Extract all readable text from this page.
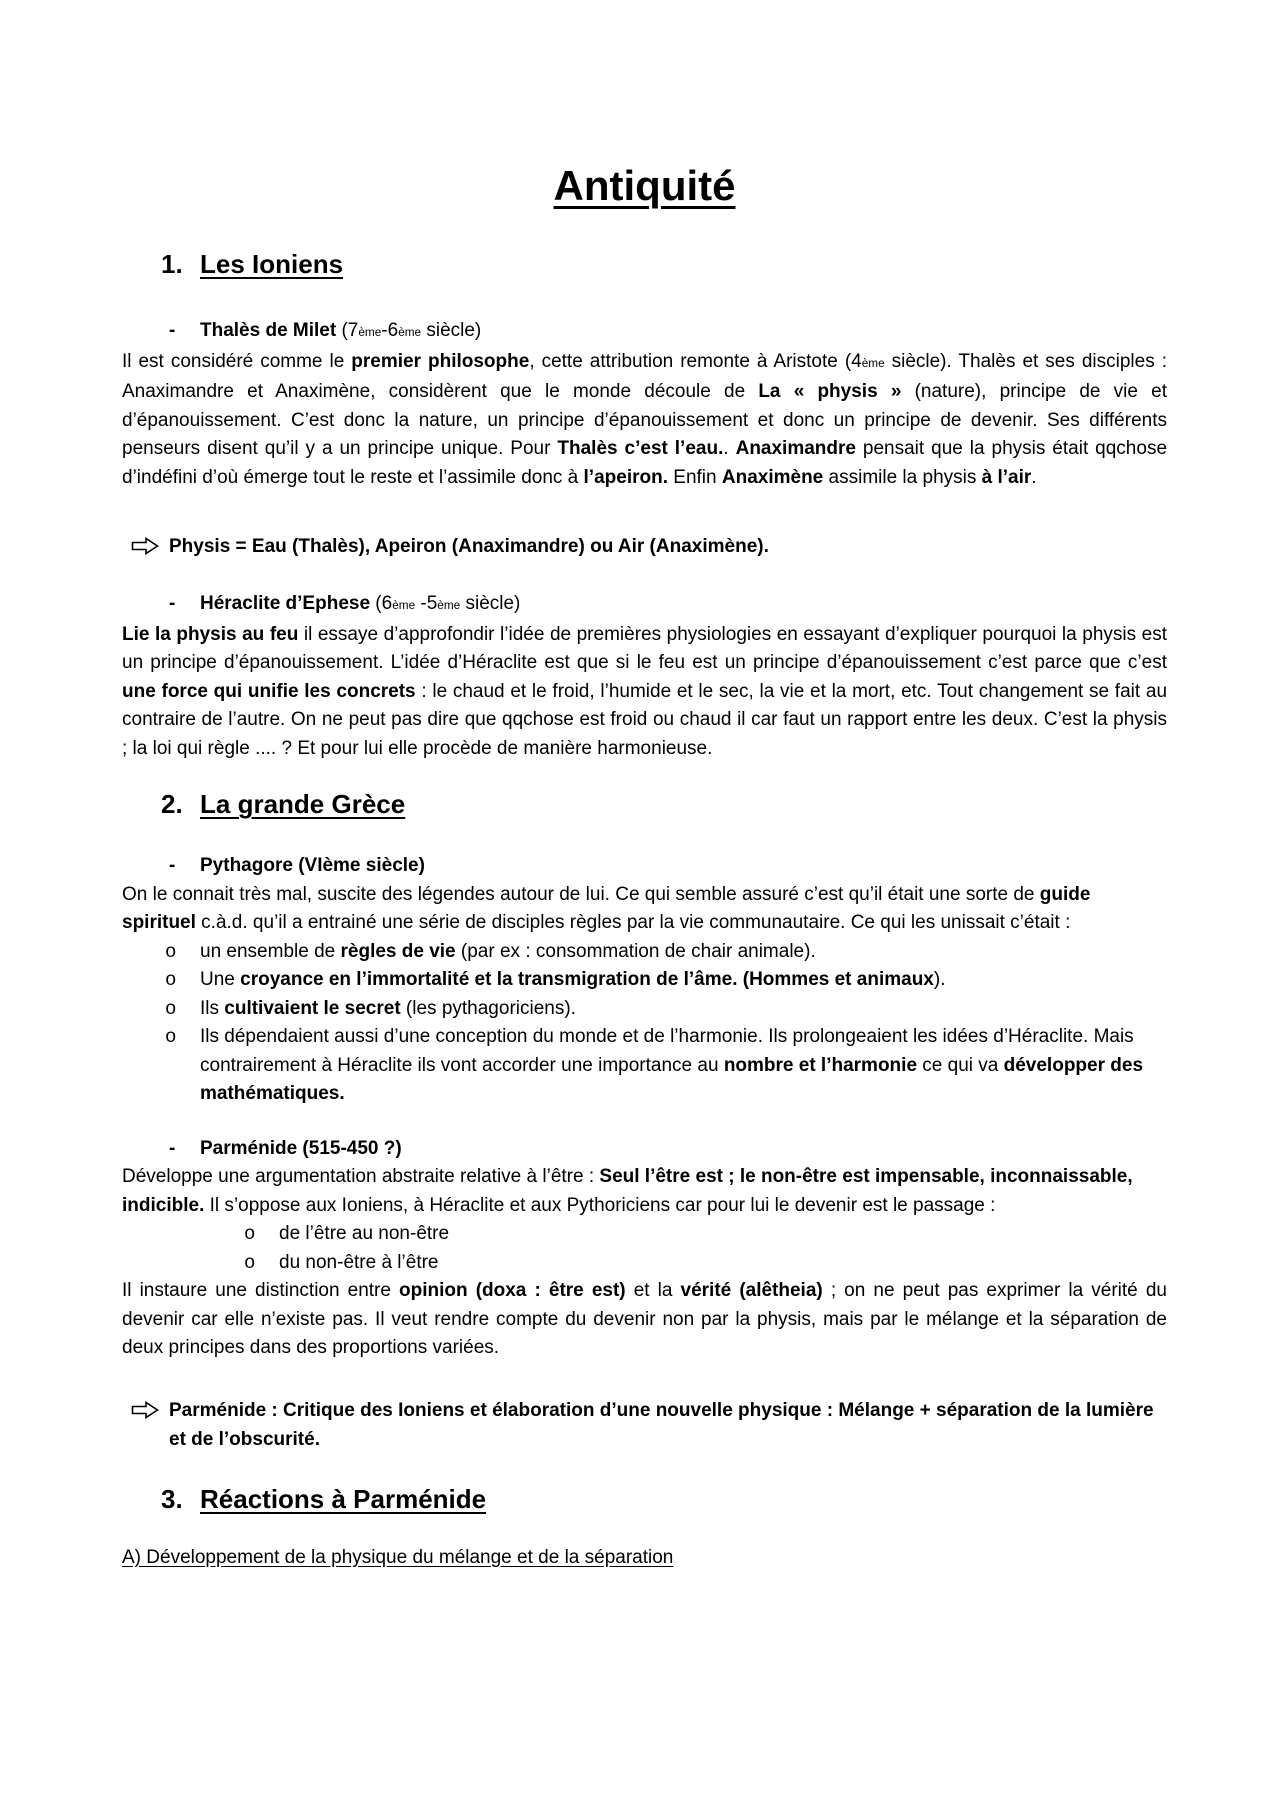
Antiquité
1. Les Ioniens
- Thalès de Milet (7ème-6ème siècle)

Il est considéré comme le premier philosophe, cette attribution remonte à Aristote (4ème siècle). Thalès et ses disciples : Anaximandre et Anaximène, considèrent que le monde découle de La « physis » (nature), principe de vie et d’épanouissement. C’est donc la nature, un principe d’épanouissement et donc un principe de devenir. Ses différents penseurs disent qu’il y a un principe unique. Pour Thalès c’est l’eau.. Anaximandre pensait que la physis était qqchose d’indéfini d’où émerge tout le reste et l’assimile donc à l’apeiron. Enfin Anaximène assimile la physis à l’air.

Physis = Eau (Thalès), Apeiron (Anaximandre) ou Air (Anaximène).
- Héraclite d’Ephese (6ème -5ème siècle)

Lie la physis au feu il essaye d’approfondir l’idée de premières physiologies en essayant d’expliquer pourquoi la physis est un principe d’épanouissement. L’idée d’Héraclite est que si le feu est un principe d’épanouissement c’est parce que c’est une force qui unifie les concrets : le chaud et le froid, l’humide et le sec, la vie et la mort, etc. Tout changement se fait au contraire de l’autre. On ne peut pas dire que qqchose est froid ou chaud il car faut un rapport entre les deux. C’est la physis ; la loi qui règle .... ? Et pour lui elle procède de manière harmonieuse.

2. La grande Grèce
- Pythagore (VIème siècle)

On le connait très mal, suscite des légendes autour de lui. Ce qui semble assuré c’est qu’il était une sorte de guide spirituel c.à.d. qu’il a entrainé une série de disciples règles par la vie communautaire. Ce qui les unissait c’était :

o un ensemble de règles de vie (par ex : consommation de chair animale).
o Une croyance en l’immortalité et la transmigration de l’âme. (Hommes et animaux).
o Ils cultivaient le secret (les pythagoriciens).
o Ils dépendaient aussi d’une conception du monde et de l’harmonie. Ils prolongeaient les idées d’Héraclite. Mais contrairement à Héraclite ils vont accorder une importance au nombre et l’harmonie ce qui va développer des mathématiques.
- Parménide (515-450 ?)

Développe une argumentation abstraite relative à l’être : Seul l’être est ; le non-être est impensable, inconnaissable, indicible. Il s’oppose aux Ioniens, à Héraclite et aux Pythoriciens car pour lui le devenir est le passage :

o de l’être au non-être
o du non-être à l’être

Il instaure une distinction entre opinion (doxa : être est) et la vérité (alêtheia) ; on ne peut pas exprimer la vérité du devenir car elle n’existe pas. Il veut rendre compte du devenir non par la physis, mais par le mélange et la séparation de deux principes dans des proportions variées.

Parménide : Critique des Ioniens et élaboration d’une nouvelle physique : Mélange + séparation de la lumière et de l’obscurité.
3. Réactions à Parménide
A) Développement de la physique du mélange et de la séparation
